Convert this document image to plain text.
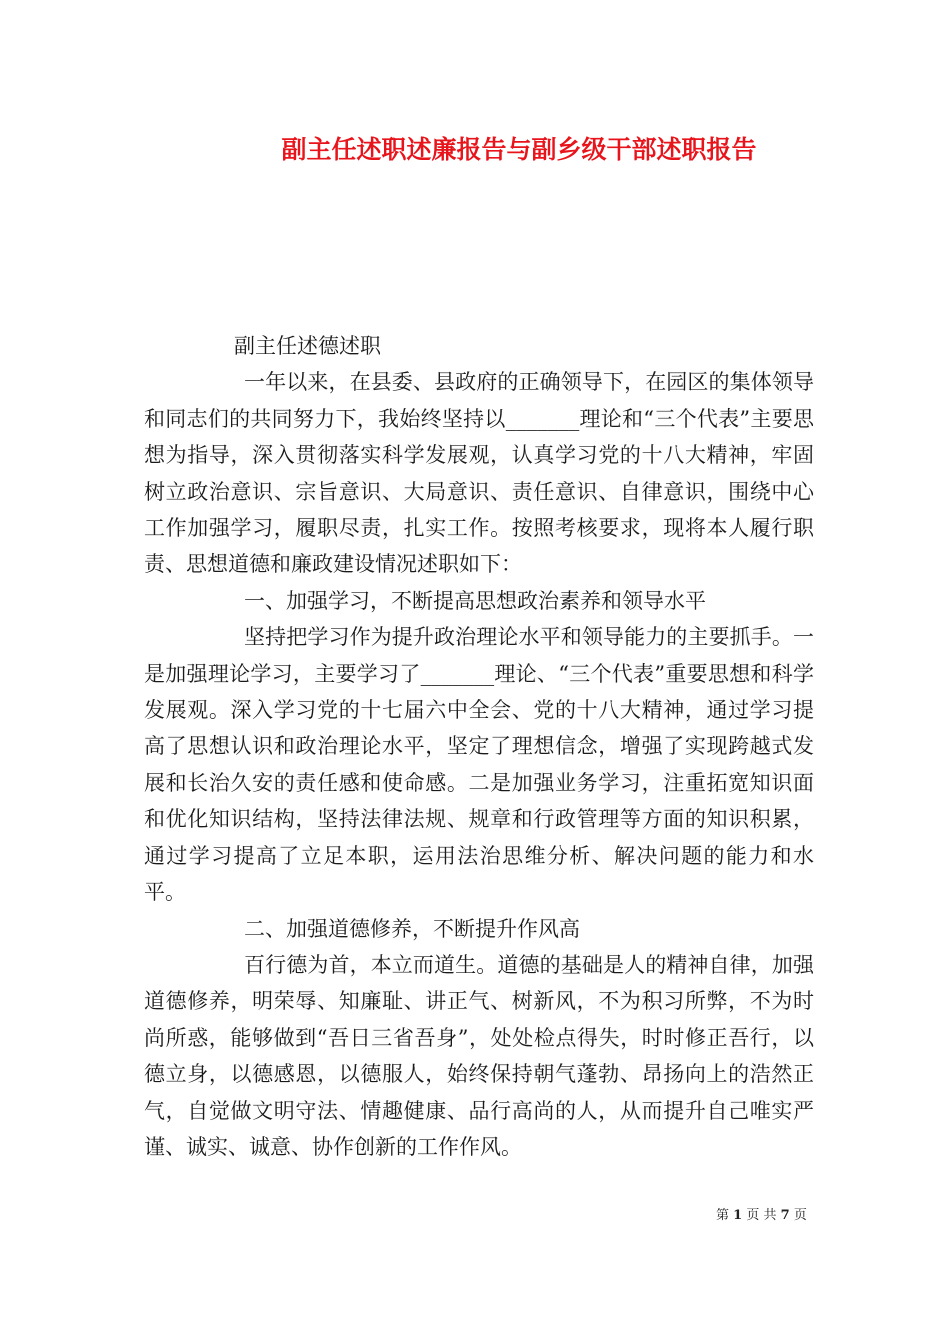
副主任述职述廉报告与副乡级干部述职报告

副主任述德述职

一年以来，在县委、县政府的正确领导下，在园区的集体领导和同志们的共同努力下，我始终坚持以_______理论和“三个代表”主要思想为指导，深入贯彻落实科学发展观，认真学习党的十八大精神，牢固树立政治意识、宗旨意识、大局意识、责任意识、自律意识，围绕中心工作加强学习，履职尽责，扎实工作。按照考核要求，现将本人履行职责、思想道德和廉政建设情况述职如下：

一、加强学习，不断提高思想政治素养和领导水平

坚持把学习作为提升政治理论水平和领导能力的主要抓手。一是加强理论学习，主要学习了_______理论、“三个代表”重要思想和科学发展观。深入学习党的十七届六中全会、党的十八大精神，通过学习提高了思想认识和政治理论水平，坚定了理想信念，增强了实现跨越式发展和长治久安的责任感和使命感。二是加强业务学习，注重拓宽知识面和优化知识结构，坚持法律法规、规章和行政管理等方面的知识积累，通过学习提高了立足本职，运用法治思维分析、解决问题的能力和水平。

二、加强道德修养，不断提升作风高

百行德为首，本立而道生。道德的基础是人的精神自律，加强道德修养，明荣辱、知廉耻、讲正气、树新风，不为积习所弊，不为时尚所惑，能够做到“吾日三省吾身”，处处检点得失，时时修正吾行，以德立身，以德感恩，以德服人，始终保持朝气蓬勃、昂扬向上的浩然正气，自觉做文明守法、情趣健康、品行高尚的人，从而提升自己唯实严谨、诚实、诚意、协作创新的工作作风。

第 1 页 共 7 页
